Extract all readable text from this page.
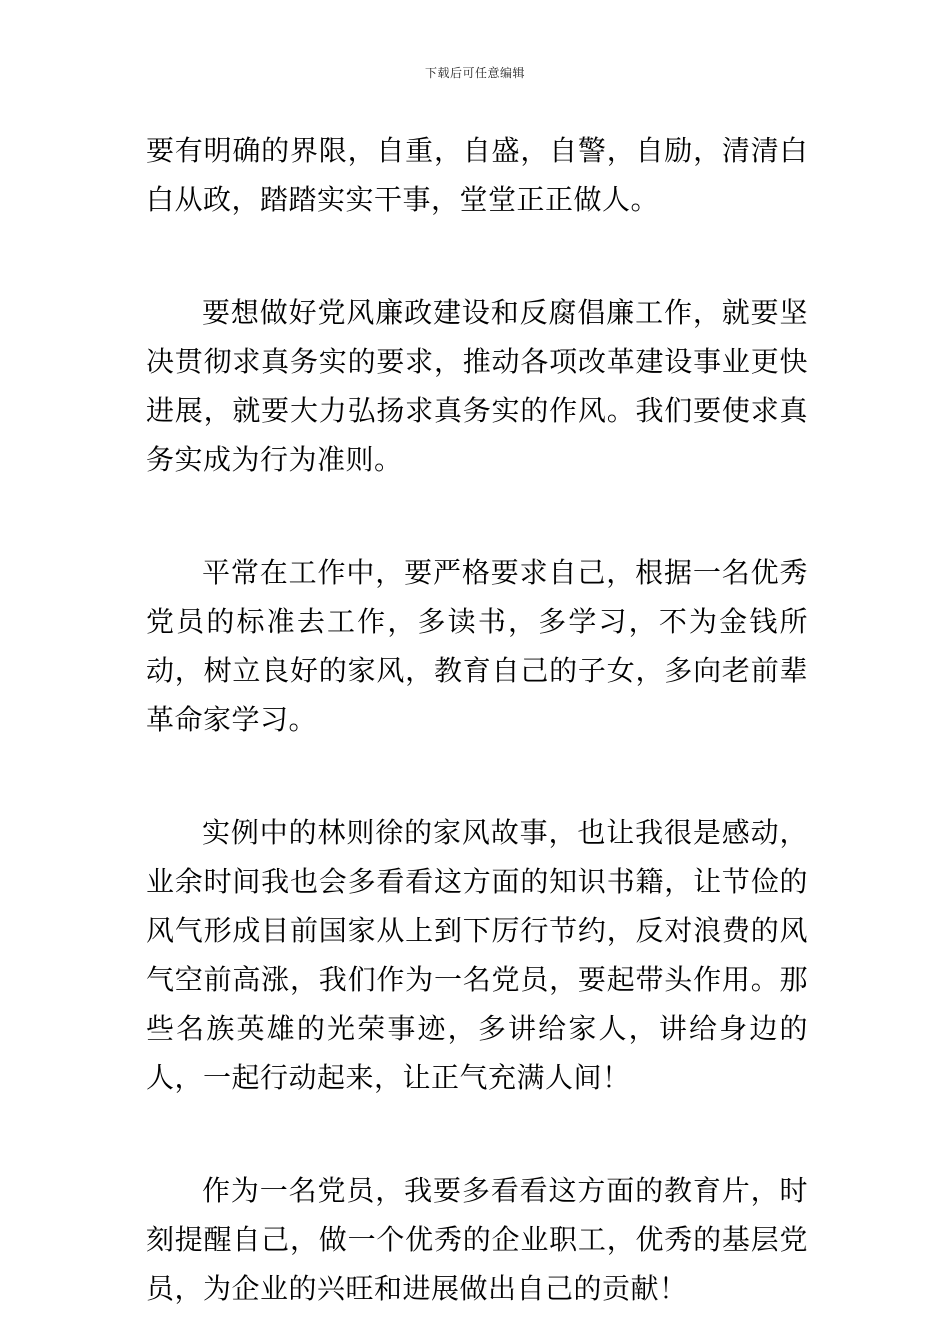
下载后可任意编辑

要有明确的界限，自重，自盛，自警，自励，清清白白从政，踏踏实实干事，堂堂正正做人。

要想做好党风廉政建设和反腐倡廉工作，就要坚决贯彻求真务实的要求，推动各项改革建设事业更快进展，就要大力弘扬求真务实的作风。我们要使求真务实成为行为准则。

平常在工作中，要严格要求自己，根据一名优秀党员的标准去工作，多读书，多学习，不为金钱所动，树立良好的家风，教育自己的子女，多向老前辈革命家学习。

实例中的林则徐的家风故事，也让我很是感动，业余时间我也会多看看这方面的知识书籍，让节俭的风气形成目前国家从上到下厉行节约，反对浪费的风气空前高涨，我们作为一名党员，要起带头作用。那些名族英雄的光荣事迹，多讲给家人，讲给身边的人，一起行动起来，让正气充满人间！

作为一名党员，我要多看看这方面的教育片，时刻提醒自己，做一个优秀的企业职工，优秀的基层党员，为企业的兴旺和进展做出自己的贡献！
